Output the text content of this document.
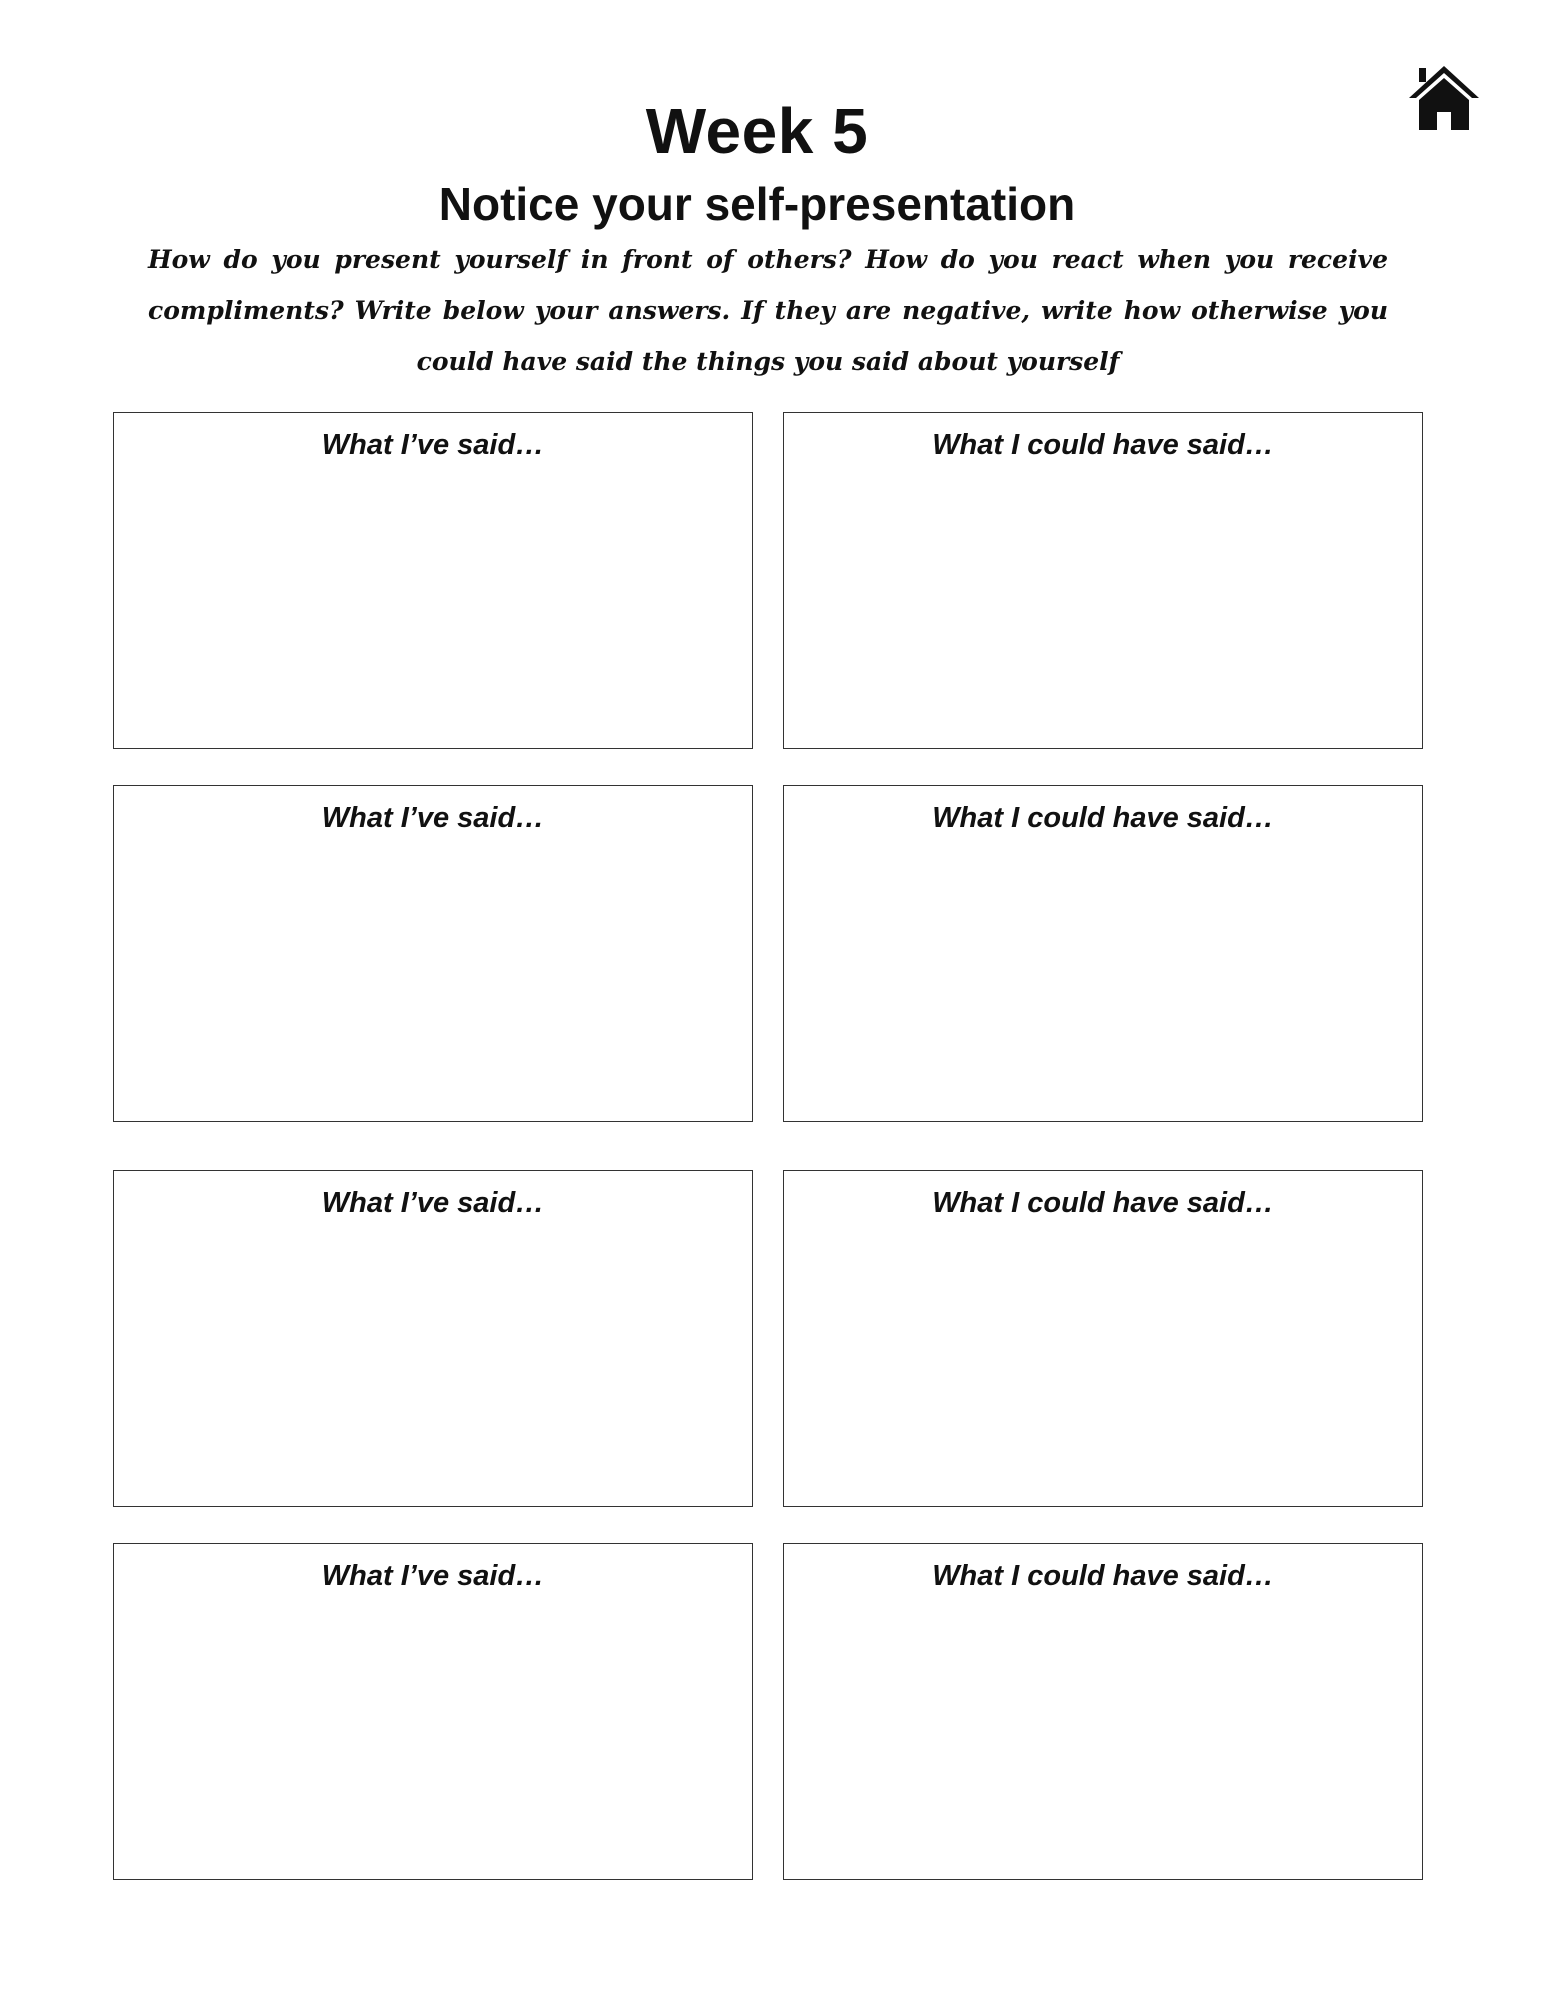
Week 5
Notice your self-presentation
How do you present yourself in front of others? How do you react when you receive compliments? Write below your answers. If they are negative, write how otherwise you could have said the things you said about yourself
What I’ve said…	What I could have said…
What I’ve said…	What I could have said…
What I’ve said…	What I could have said…
What I’ve said…	What I could have said…
